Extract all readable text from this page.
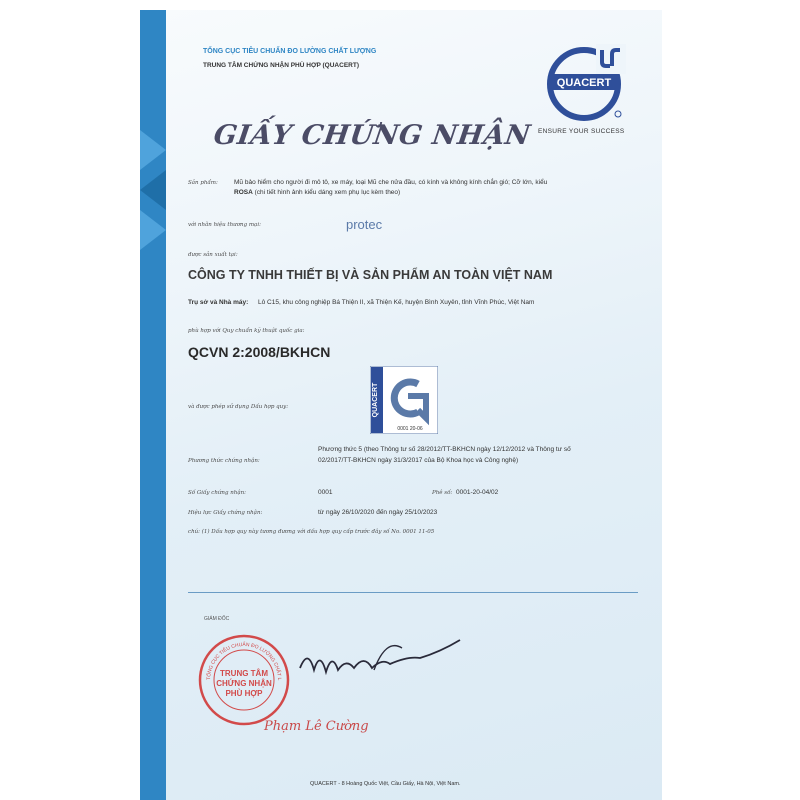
TỔNG CỤC TIÊU CHUẨN ĐO LƯỜNG CHẤT LƯỢNG
TRUNG TÂM CHỨNG NHẬN PHÙ HỢP (QUACERT)
QUACERT
ENSURE YOUR SUCCESS
GIẤY CHỨNG NHẬN
Sản phẩm: Mũ bảo hiểm cho người đi mô tô, xe máy, loại Mũ che nửa đầu, có kính và không kính chắn gió; Cỡ lớn, kiểu
ROSA (chi tiết hình ảnh kiểu dáng xem phụ lục kèm theo)
với nhãn hiệu thương mại:	protec
được sản xuất tại:
CÔNG TY TNHH THIẾT BỊ VÀ SẢN PHẨM AN TOÀN VIỆT NAM
Trụ sở và Nhà máy: Lô C15, khu công nghiệp Bá Thiện II, xã Thiện Kế, huyện Bình Xuyên, tỉnh Vĩnh Phúc, Việt Nam
phù hợp với Quy chuẩn kỹ thuật quốc gia:
QCVN 2:2008/BKHCN
và được phép sử dụng Dấu hợp quy:	QUACERT
0001 20-06
Phương thức chứng nhận:
Phương thức 5 (theo Thông tư số 28/2012/TT-BKHCN ngày 12/12/2012 và Thông tư số
02/2017/TT-BKHCN ngày 31/3/2017 của Bộ Khoa học và Công nghệ)
Số Giấy chứng nhận:	0001	Phê số: 0001-20-04/02
Hiệu lực Giấy chứng nhận:	từ ngày 26/10/2020 đến ngày 25/10/2023
chú: (1) Dấu hợp quy này tương đương với dấu hợp quy cấp trước đây số No. 0001 11-05
GIÁM ĐỐC
TỔNG CỤC TIÊU CHUẨN ĐO LƯỜNG CHẤT L
TRUNG TÂM
CHỨNG NHẬN
PHÙ HỢP
Phạm Lê Cường
QUACERT - 8 Hoàng Quốc Việt, Cầu Giấy, Hà Nội, Việt Nam.
